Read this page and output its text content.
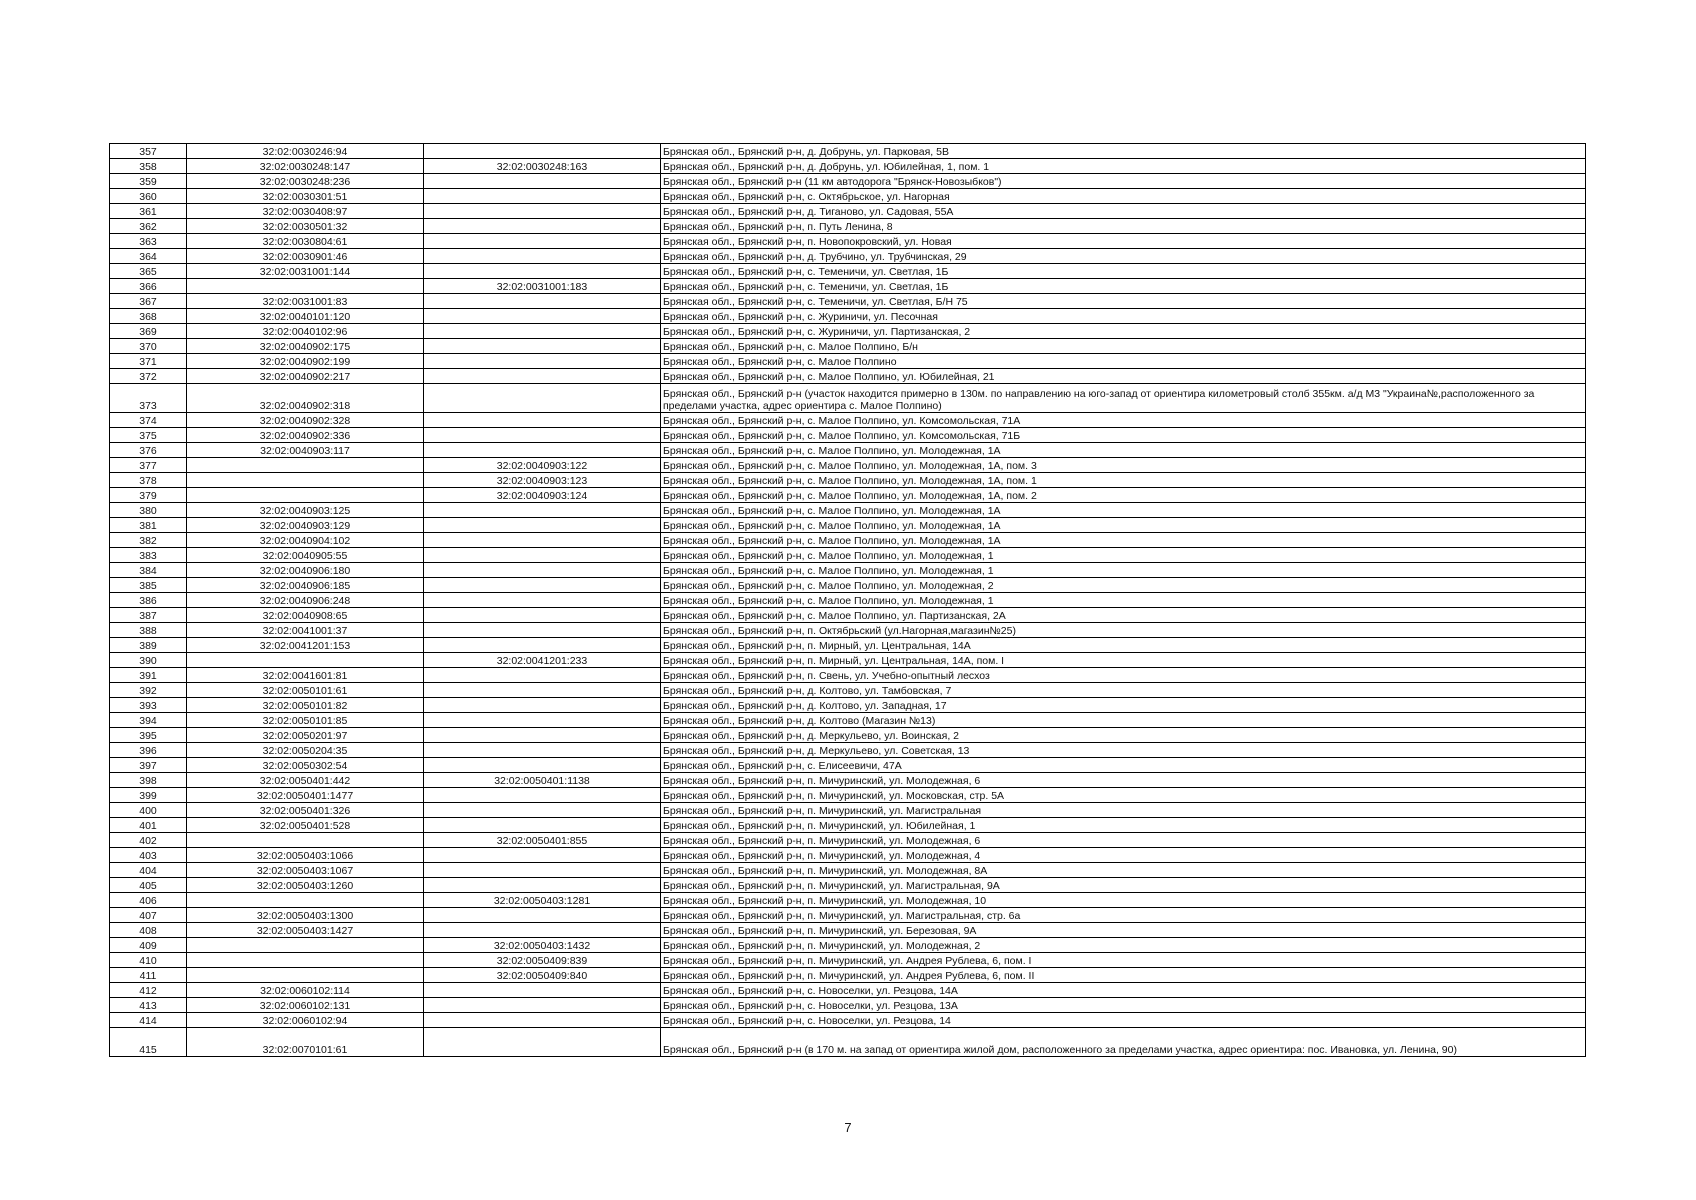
357	32:02:0030246:94		Брянская обл., Брянский р-н, д. Добрунь, ул. Парковая, 5В
358	32:02:0030248:147	32:02:0030248:163	Брянская обл., Брянский р-н, д. Добрунь, ул. Юбилейная, 1, пом. 1
359	32:02:0030248:236		Брянская обл., Брянский р-н (11 км автодорога "Брянск-Новозыбков")
360	32:02:0030301:51		Брянская обл., Брянский р-н, с. Октябрьское, ул. Нагорная
361	32:02:0030408:97		Брянская обл., Брянский р-н, д. Тиганово, ул. Садовая, 55А
362	32:02:0030501:32		Брянская обл., Брянский р-н, п. Путь Ленина, 8
363	32:02:0030804:61		Брянская обл., Брянский р-н, п. Новопокровский, ул. Новая
364	32:02:0030901:46		Брянская обл., Брянский р-н, д. Трубчино, ул. Трубчинская, 29
365	32:02:0031001:144		Брянская обл., Брянский р-н, с. Теменичи, ул. Светлая, 1Б
366		32:02:0031001:183	Брянская обл., Брянский р-н, с. Теменичи, ул. Светлая, 1Б
367	32:02:0031001:83		Брянская обл., Брянский р-н, с. Теменичи, ул. Светлая, Б/Н 75
368	32:02:0040101:120		Брянская обл., Брянский р-н, с. Журиничи, ул. Песочная
369	32:02:0040102:96		Брянская обл., Брянский р-н, с. Журиничи, ул. Партизанская, 2
370	32:02:0040902:175		Брянская обл., Брянский р-н, с. Малое Полпино, Б/н
371	32:02:0040902:199		Брянская обл., Брянский р-н, с. Малое Полпино
372	32:02:0040902:217		Брянская обл., Брянский р-н, с. Малое Полпино, ул. Юбилейная, 21
373	32:02:0040902:318		Брянская обл., Брянский р-н (участок находится примерно в 130м. по направлению на юго-запад от ориентира километровый столб 355км. а/д М3 "Украина№,расположенного за пределами участка, адрес ориентира с. Малое Полпино)
374	32:02:0040902:328		Брянская обл., Брянский р-н, с. Малое Полпино, ул. Комсомольская, 71А
375	32:02:0040902:336		Брянская обл., Брянский р-н, с. Малое Полпино, ул. Комсомольская, 71Б
376	32:02:0040903:117		Брянская обл., Брянский р-н, с. Малое Полпино, ул. Молодежная, 1А
377		32:02:0040903:122	Брянская обл., Брянский р-н, с. Малое Полпино, ул. Молодежная, 1А, пом. 3
378		32:02:0040903:123	Брянская обл., Брянский р-н, с. Малое Полпино, ул. Молодежная, 1А, пом. 1
379		32:02:0040903:124	Брянская обл., Брянский р-н, с. Малое Полпино, ул. Молодежная, 1А, пом. 2
380	32:02:0040903:125		Брянская обл., Брянский р-н, с. Малое Полпино, ул. Молодежная, 1А
381	32:02:0040903:129		Брянская обл., Брянский р-н, с. Малое Полпино, ул. Молодежная, 1А
382	32:02:0040904:102		Брянская обл., Брянский р-н, с. Малое Полпино, ул. Молодежная, 1А
383	32:02:0040905:55		Брянская обл., Брянский р-н, с. Малое Полпино, ул. Молодежная, 1
384	32:02:0040906:180		Брянская обл., Брянский р-н, с. Малое Полпино, ул. Молодежная, 1
385	32:02:0040906:185		Брянская обл., Брянский р-н, с. Малое Полпино, ул. Молодежная, 2
386	32:02:0040906:248		Брянская обл., Брянский р-н, с. Малое Полпино, ул. Молодежная, 1
387	32:02:0040908:65		Брянская обл., Брянский р-н, с. Малое Полпино, ул. Партизанская, 2А
388	32:02:0041001:37		Брянская обл., Брянский р-н, п. Октябрьский (ул.Нагорная,магазин№25)
389	32:02:0041201:153		Брянская обл., Брянский р-н, п. Мирный, ул. Центральная, 14А
390		32:02:0041201:233	Брянская обл., Брянский р-н, п. Мирный, ул. Центральная, 14А, пом. I
391	32:02:0041601:81		Брянская обл., Брянский р-н, п. Свень, ул. Учебно-опытный лесхоз
392	32:02:0050101:61		Брянская обл., Брянский р-н, д. Колтово, ул. Тамбовская, 7
393	32:02:0050101:82		Брянская обл., Брянский р-н, д. Колтово, ул. Западная, 17
394	32:02:0050101:85		Брянская обл., Брянский р-н, д. Колтово (Магазин №13)
395	32:02:0050201:97		Брянская обл., Брянский р-н, д. Меркульево, ул. Воинская, 2
396	32:02:0050204:35		Брянская обл., Брянский р-н, д. Меркульево, ул. Советская, 13
397	32:02:0050302:54		Брянская обл., Брянский р-н, с. Елисеевичи, 47А
398	32:02:0050401:442	32:02:0050401:1138	Брянская обл., Брянский р-н, п. Мичуринский, ул. Молодежная, 6
399	32:02:0050401:1477		Брянская обл., Брянский р-н, п. Мичуринский, ул. Московская, стр. 5А
400	32:02:0050401:326		Брянская обл., Брянский р-н, п. Мичуринский, ул. Магистральная
401	32:02:0050401:528		Брянская обл., Брянский р-н, п. Мичуринский, ул. Юбилейная, 1
402		32:02:0050401:855	Брянская обл., Брянский р-н, п. Мичуринский, ул. Молодежная, 6
403	32:02:0050403:1066		Брянская обл., Брянский р-н, п. Мичуринский, ул. Молодежная, 4
404	32:02:0050403:1067		Брянская обл., Брянский р-н, п. Мичуринский, ул. Молодежная, 8А
405	32:02:0050403:1260		Брянская обл., Брянский р-н, п. Мичуринский, ул. Магистральная, 9А
406		32:02:0050403:1281	Брянская обл., Брянский р-н, п. Мичуринский, ул. Молодежная, 10
407	32:02:0050403:1300		Брянская обл., Брянский р-н, п. Мичуринский, ул. Магистральная, стр. 6а
408	32:02:0050403:1427		Брянская обл., Брянский р-н, п. Мичуринский, ул. Березовая, 9А
409		32:02:0050403:1432	Брянская обл., Брянский р-н, п. Мичуринский, ул. Молодежная, 2
410		32:02:0050409:839	Брянская обл., Брянский р-н, п. Мичуринский, ул. Андрея Рублева, 6, пом. I
411		32:02:0050409:840	Брянская обл., Брянский р-н, п. Мичуринский, ул. Андрея Рублева, 6, пом. II
412	32:02:0060102:114		Брянская обл., Брянский р-н, с. Новоселки, ул. Резцова, 14А
413	32:02:0060102:131		Брянская обл., Брянский р-н, с. Новоселки, ул. Резцова, 13А
414	32:02:0060102:94		Брянская обл., Брянский р-н, с. Новоселки, ул. Резцова, 14
415	32:02:0070101:61		Брянская обл., Брянский р-н (в 170 м. на запад от ориентира жилой дом, расположенного за пределами участка, адрес ориентира: пос. Ивановка, ул. Ленина, 90)
7
